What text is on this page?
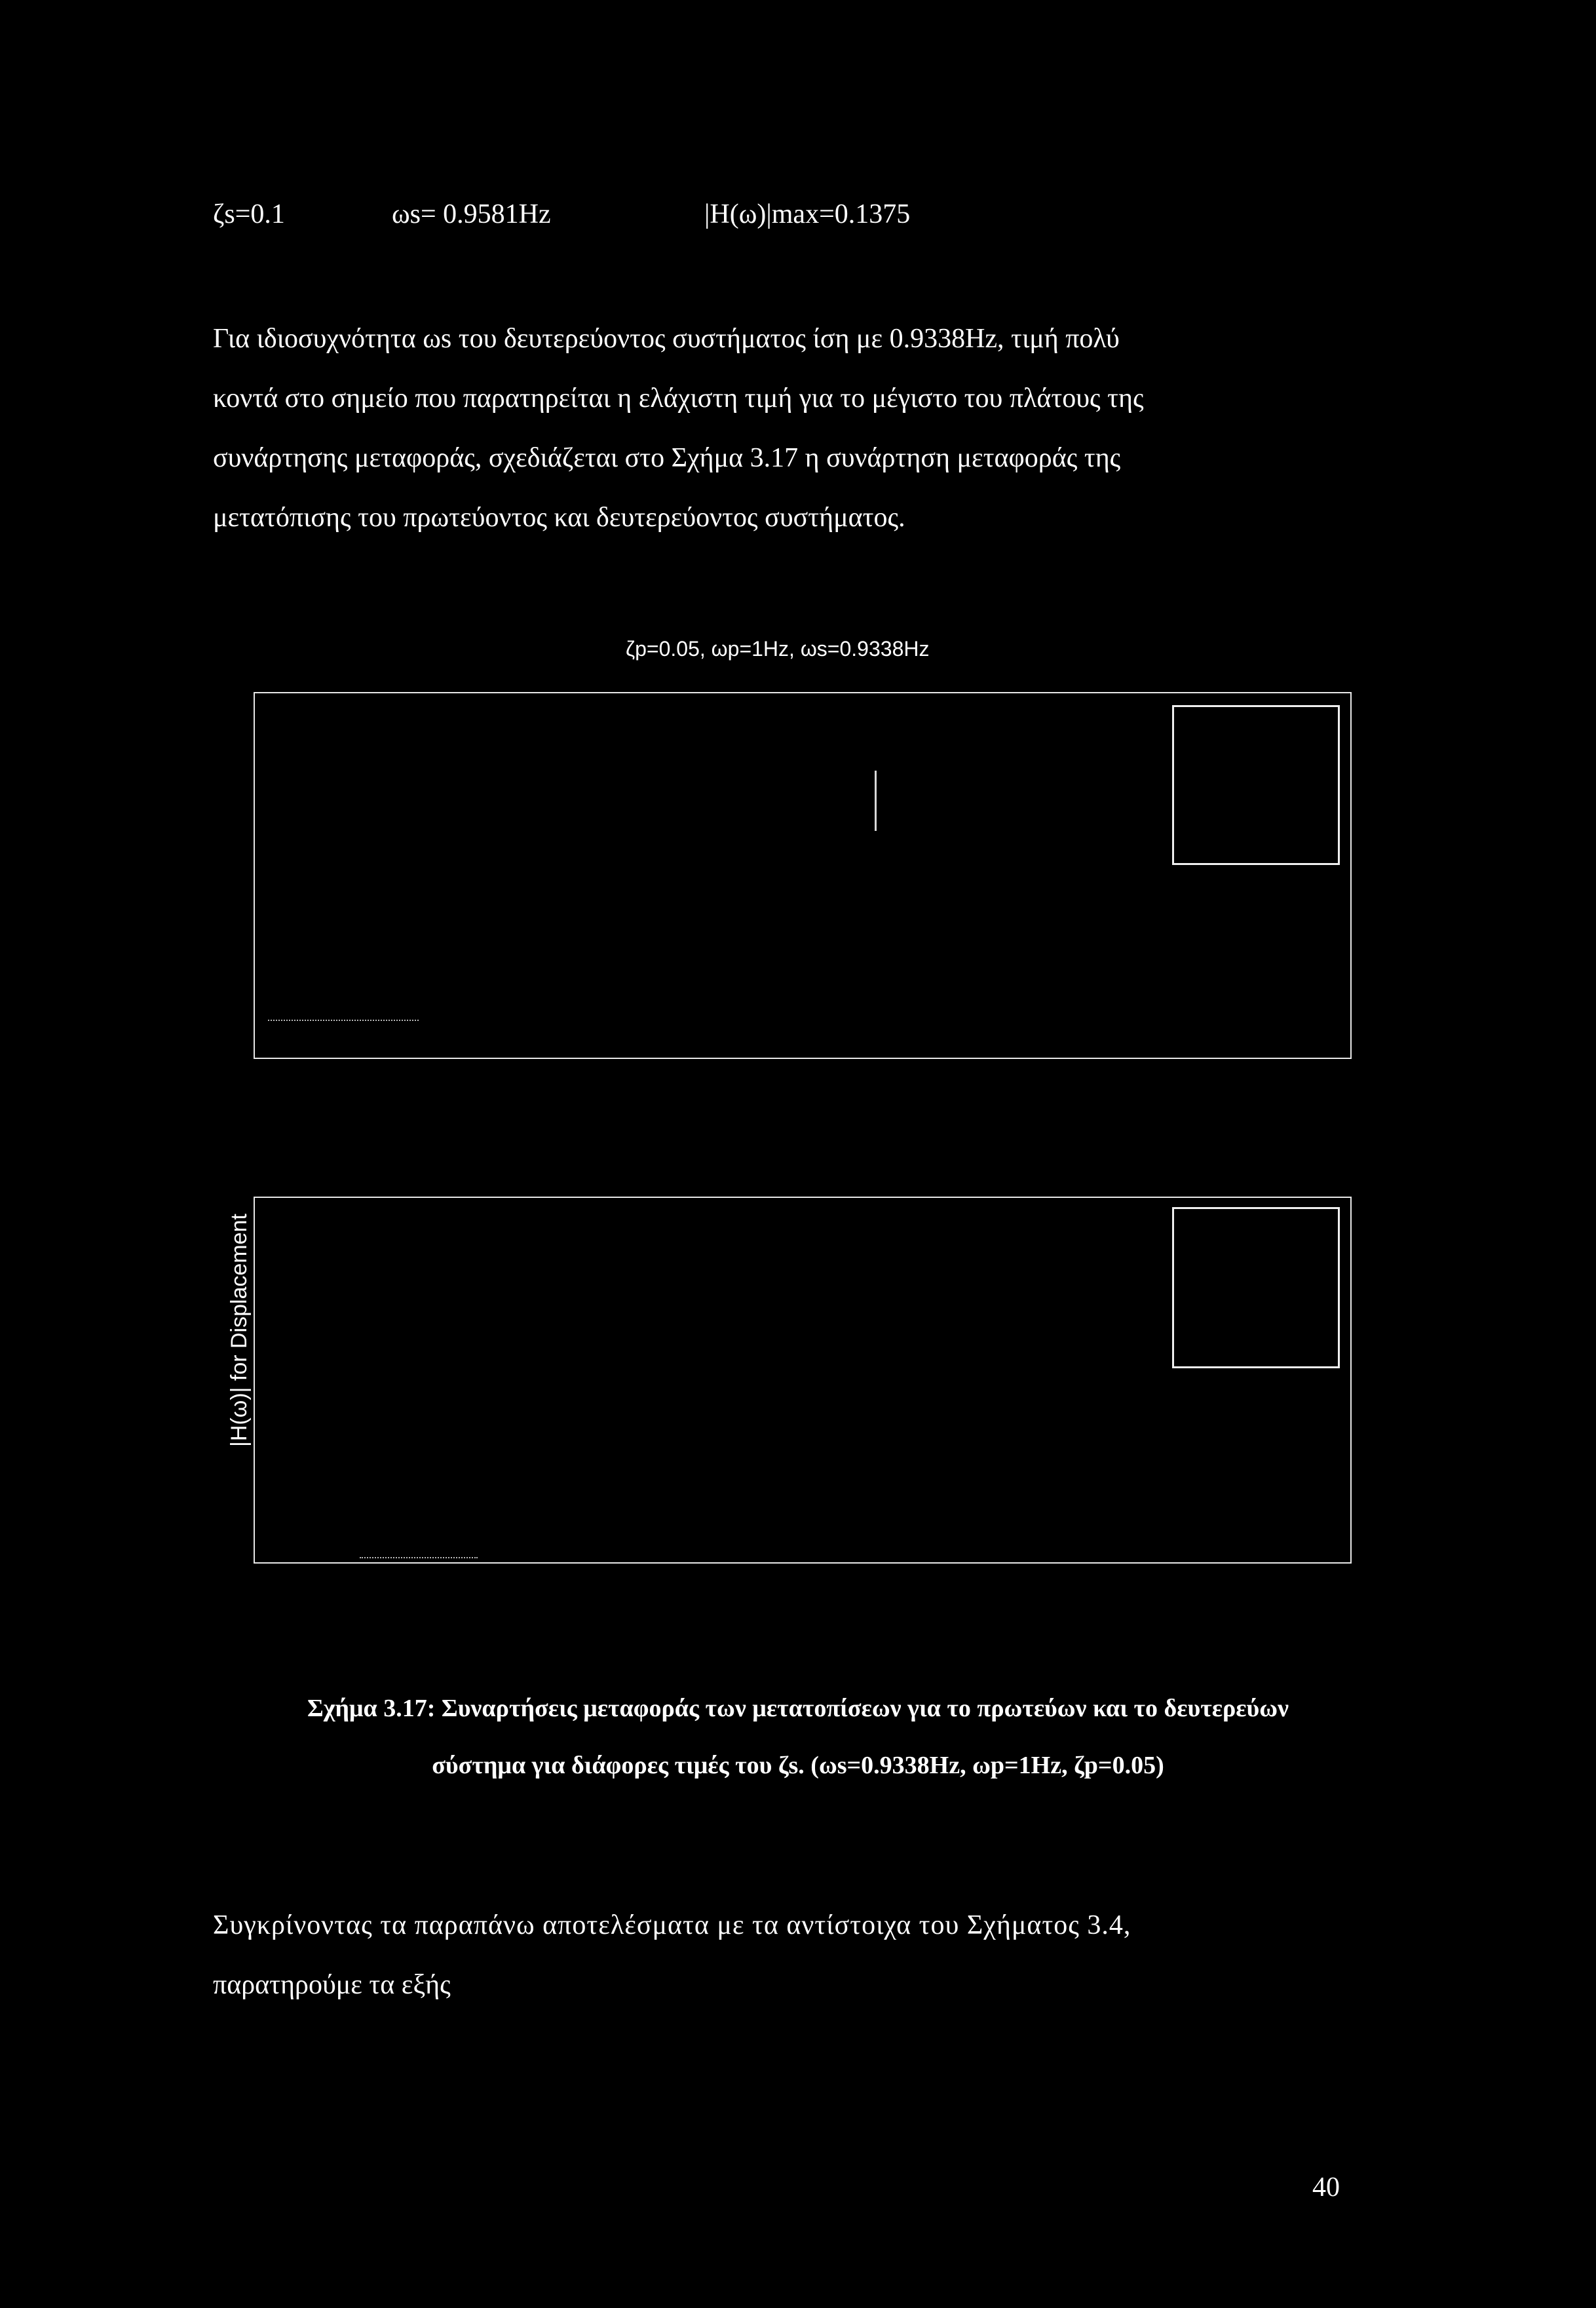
ζs=0.1	ωs= 0.9581Hz	|H(ω)|max=0.1375
Για ιδιοσυχνότητα ωs του δευτερεύοντος συστήματος ίση με 0.9338Hz, τιμή πολύ
κοντά στο σημείο που παρατηρείται η ελάχιστη τιμή για το μέγιστο του πλάτους της
συνάρτησης μεταφοράς, σχεδιάζεται στο Σχήμα 3.17 η συνάρτηση μεταφοράς της
μετατόπισης του πρωτεύοντος και δευτερεύοντος συστήματος.
ζp=0.05, ωp=1Hz, ωs=0.9338Hz
|H(ω)| for Displacement
Σχήμα 3.17: Συναρτήσεις μεταφοράς των μετατοπίσεων για το πρωτεύων και το δευτερεύων
σύστημα για διάφορες τιμές του ζs. (ωs=0.9338Hz, ωp=1Hz, ζp=0.05)
Συγκρίνοντας τα παραπάνω αποτελέσματα με τα αντίστοιχα του Σχήματος 3.4,
παρατηρούμε τα εξής
40
